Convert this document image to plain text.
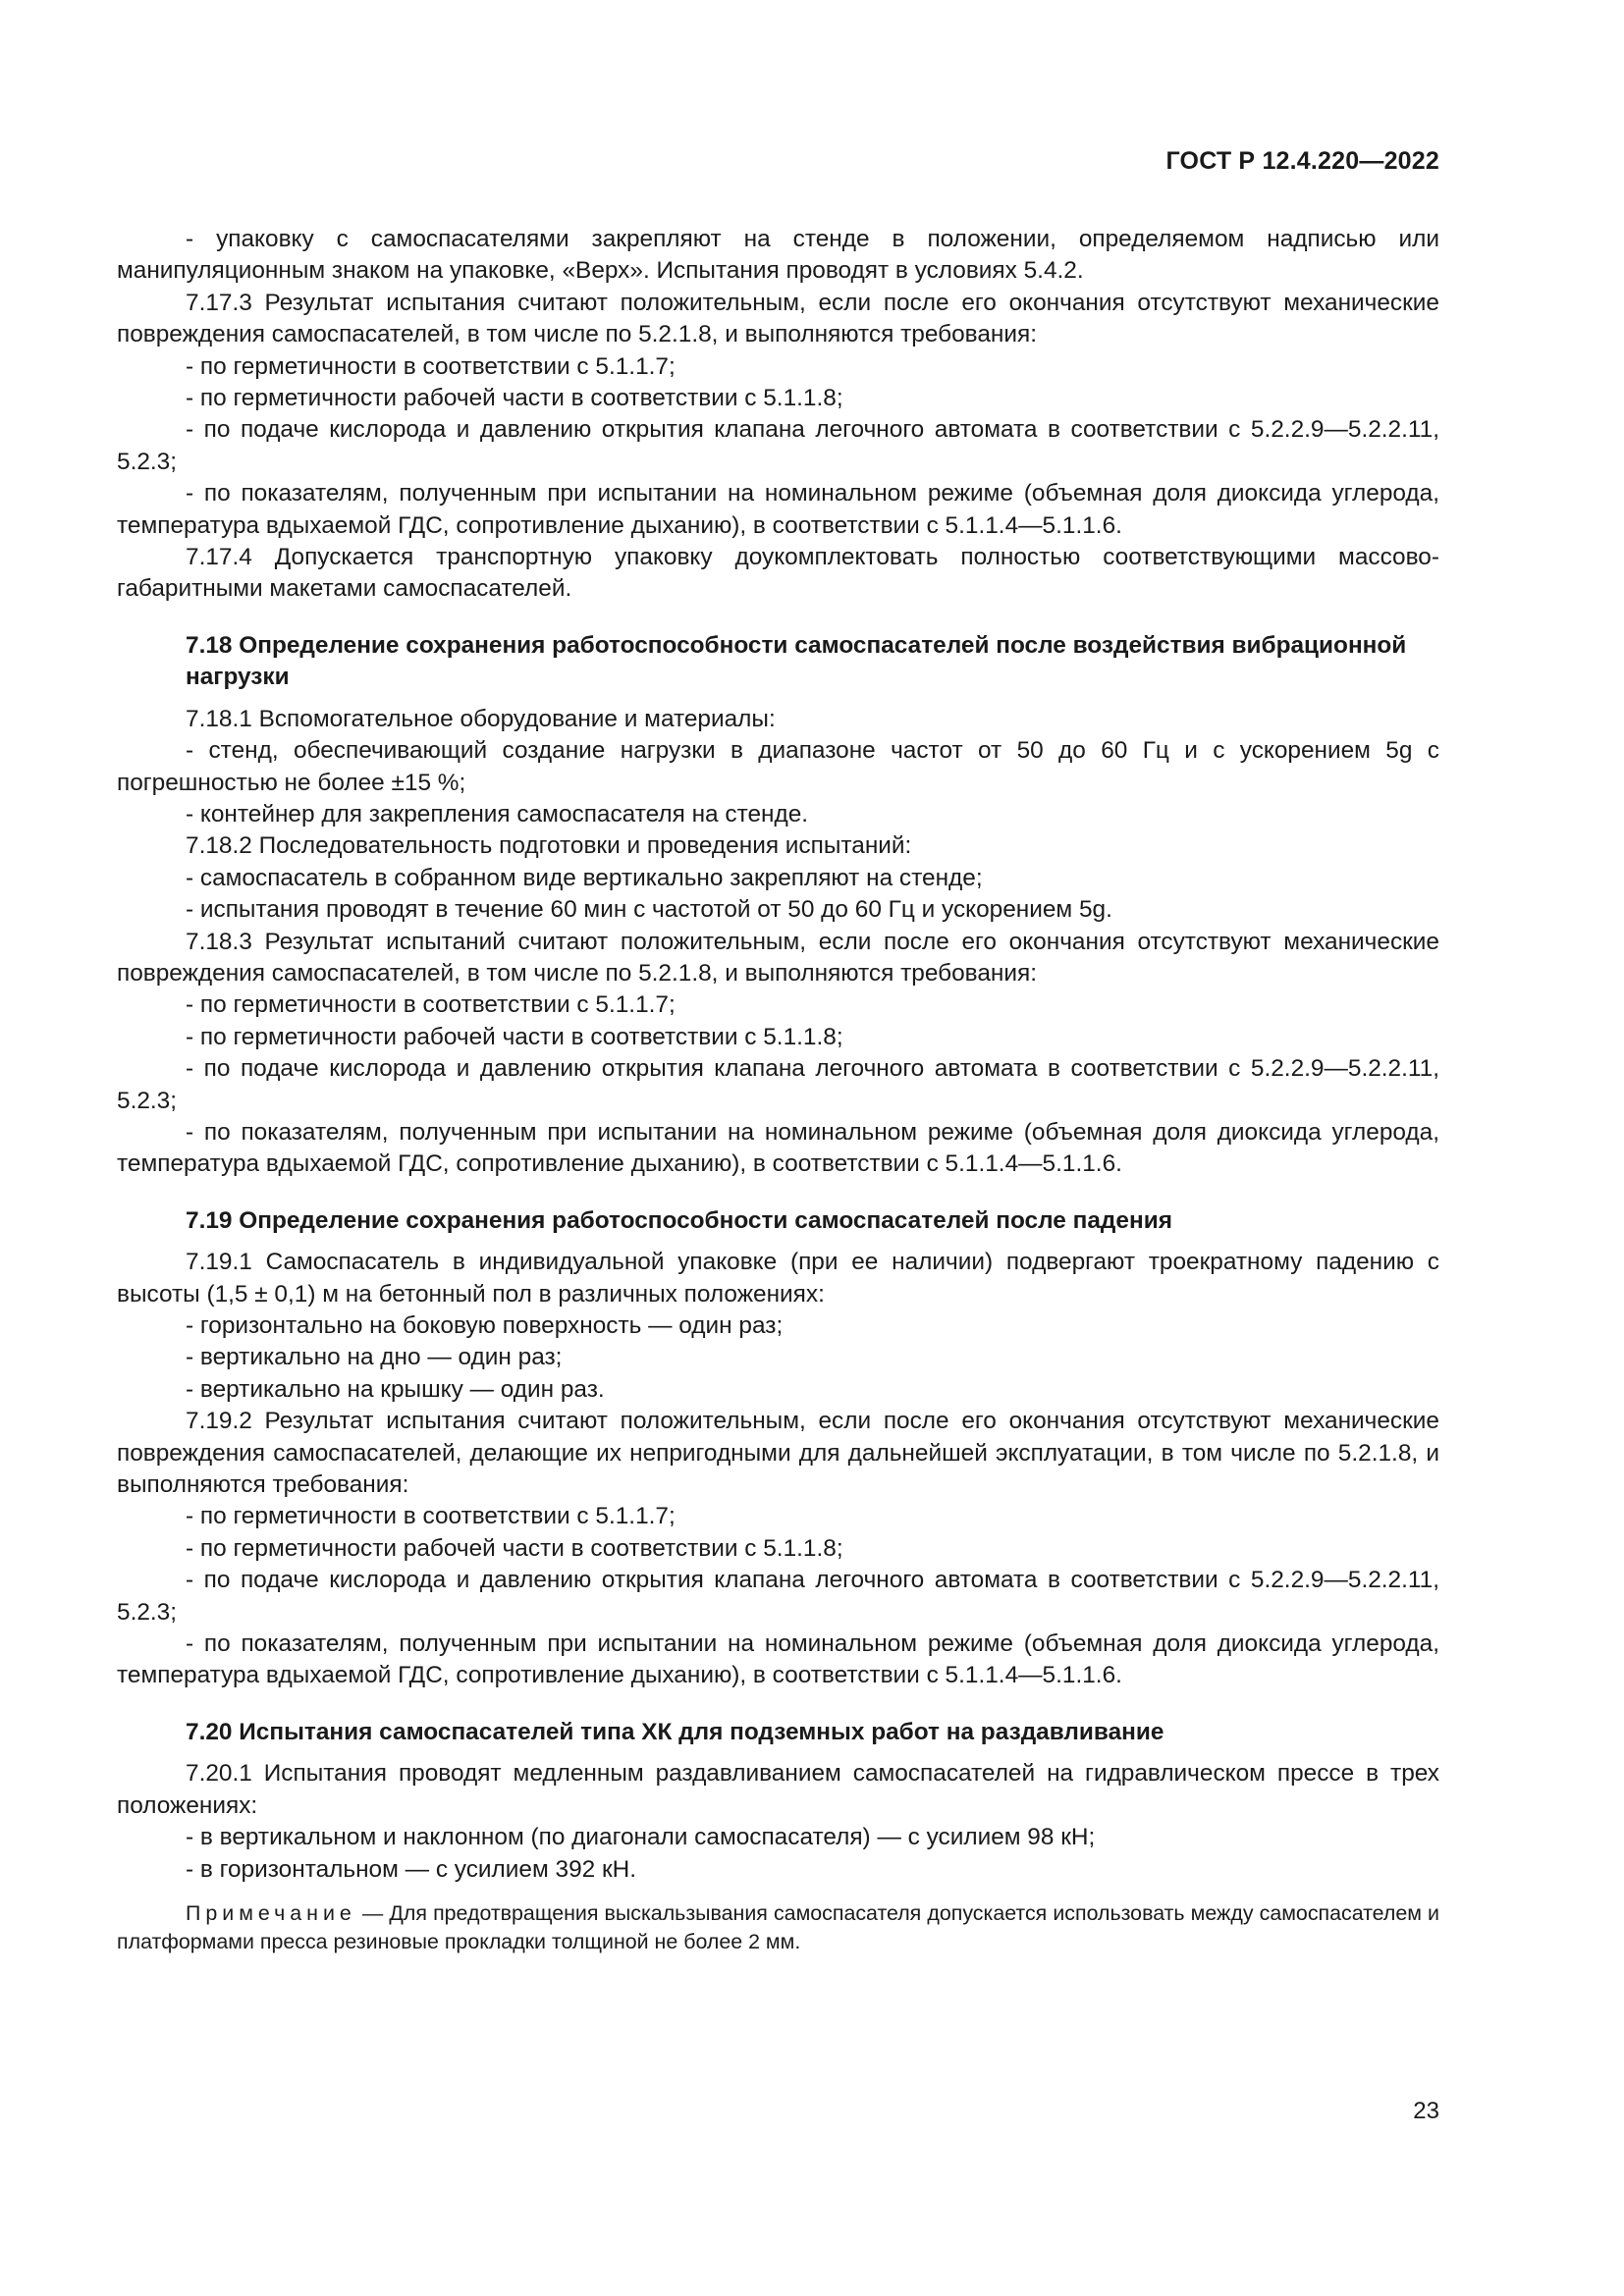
ГОСТ Р 12.4.220—2022

- упаковку с самоспасателями закрепляют на стенде в положении, определяемом надписью или манипуляционным знаком на упаковке, «Верх». Испытания проводят в условиях 5.4.2.

7.17.3 Результат испытания считают положительным, если после его окончания отсутствуют механические повреждения самоспасателей, в том числе по 5.2.1.8, и выполняются требования:

- по герметичности в соответствии с 5.1.1.7;

- по герметичности рабочей части в соответствии с 5.1.1.8;

- по подаче кислорода и давлению открытия клапана легочного автомата в соответствии с 5.2.2.9—5.2.2.11, 5.2.3;

- по показателям, полученным при испытании на номинальном режиме (объемная доля диоксида углерода, температура вдыхаемой ГДС, сопротивление дыханию), в соответствии с 5.1.1.4—5.1.1.6.

7.17.4 Допускается транспортную упаковку доукомплектовать полностью соответствующими массово-габаритными макетами самоспасателей.

7.18 Определение сохранения работоспособности самоспасателей после воздействия вибрационной нагрузки

7.18.1 Вспомогательное оборудование и материалы:

- стенд, обеспечивающий создание нагрузки в диапазоне частот от 50 до 60 Гц и с ускорением 5g с погрешностью не более ±15 %;

- контейнер для закрепления самоспасателя на стенде.

7.18.2 Последовательность подготовки и проведения испытаний:

- самоспасатель в собранном виде вертикально закрепляют на стенде;

- испытания проводят в течение 60 мин с частотой от 50 до 60 Гц и ускорением 5g.

7.18.3 Результат испытаний считают положительным, если после его окончания отсутствуют механические повреждения самоспасателей, в том числе по 5.2.1.8, и выполняются требования:

- по герметичности в соответствии с 5.1.1.7;

- по герметичности рабочей части в соответствии с 5.1.1.8;

- по подаче кислорода и давлению открытия клапана легочного автомата в соответствии с 5.2.2.9—5.2.2.11, 5.2.3;

- по показателям, полученным при испытании на номинальном режиме (объемная доля диоксида углерода, температура вдыхаемой ГДС, сопротивление дыханию), в соответствии с 5.1.1.4—5.1.1.6.

7.19 Определение сохранения работоспособности самоспасателей после падения

7.19.1 Самоспасатель в индивидуальной упаковке (при ее наличии) подвергают троекратному падению с высоты (1,5 ± 0,1) м на бетонный пол в различных положениях:

- горизонтально на боковую поверхность — один раз;

- вертикально на дно — один раз;

- вертикально на крышку — один раз.

7.19.2 Результат испытания считают положительным, если после его окончания отсутствуют механические повреждения самоспасателей, делающие их непригодными для дальнейшей эксплуатации, в том числе по 5.2.1.8, и выполняются требования:

- по герметичности в соответствии с 5.1.1.7;

- по герметичности рабочей части в соответствии с 5.1.1.8;

- по подаче кислорода и давлению открытия клапана легочного автомата в соответствии с 5.2.2.9—5.2.2.11, 5.2.3;

- по показателям, полученным при испытании на номинальном режиме (объемная доля диоксида углерода, температура вдыхаемой ГДС, сопротивление дыханию), в соответствии с 5.1.1.4—5.1.1.6.

7.20 Испытания самоспасателей типа ХК для подземных работ на раздавливание

7.20.1 Испытания проводят медленным раздавливанием самоспасателей на гидравлическом прессе в трех положениях:

- в вертикальном и наклонном (по диагонали самоспасателя) — с усилием 98 кН;

- в горизонтальном — с усилием 392 кН.

Примечание — Для предотвращения выскальзывания самоспасателя допускается использовать между самоспасателем и платформами пресса резиновые прокладки толщиной не более 2 мм.

23
